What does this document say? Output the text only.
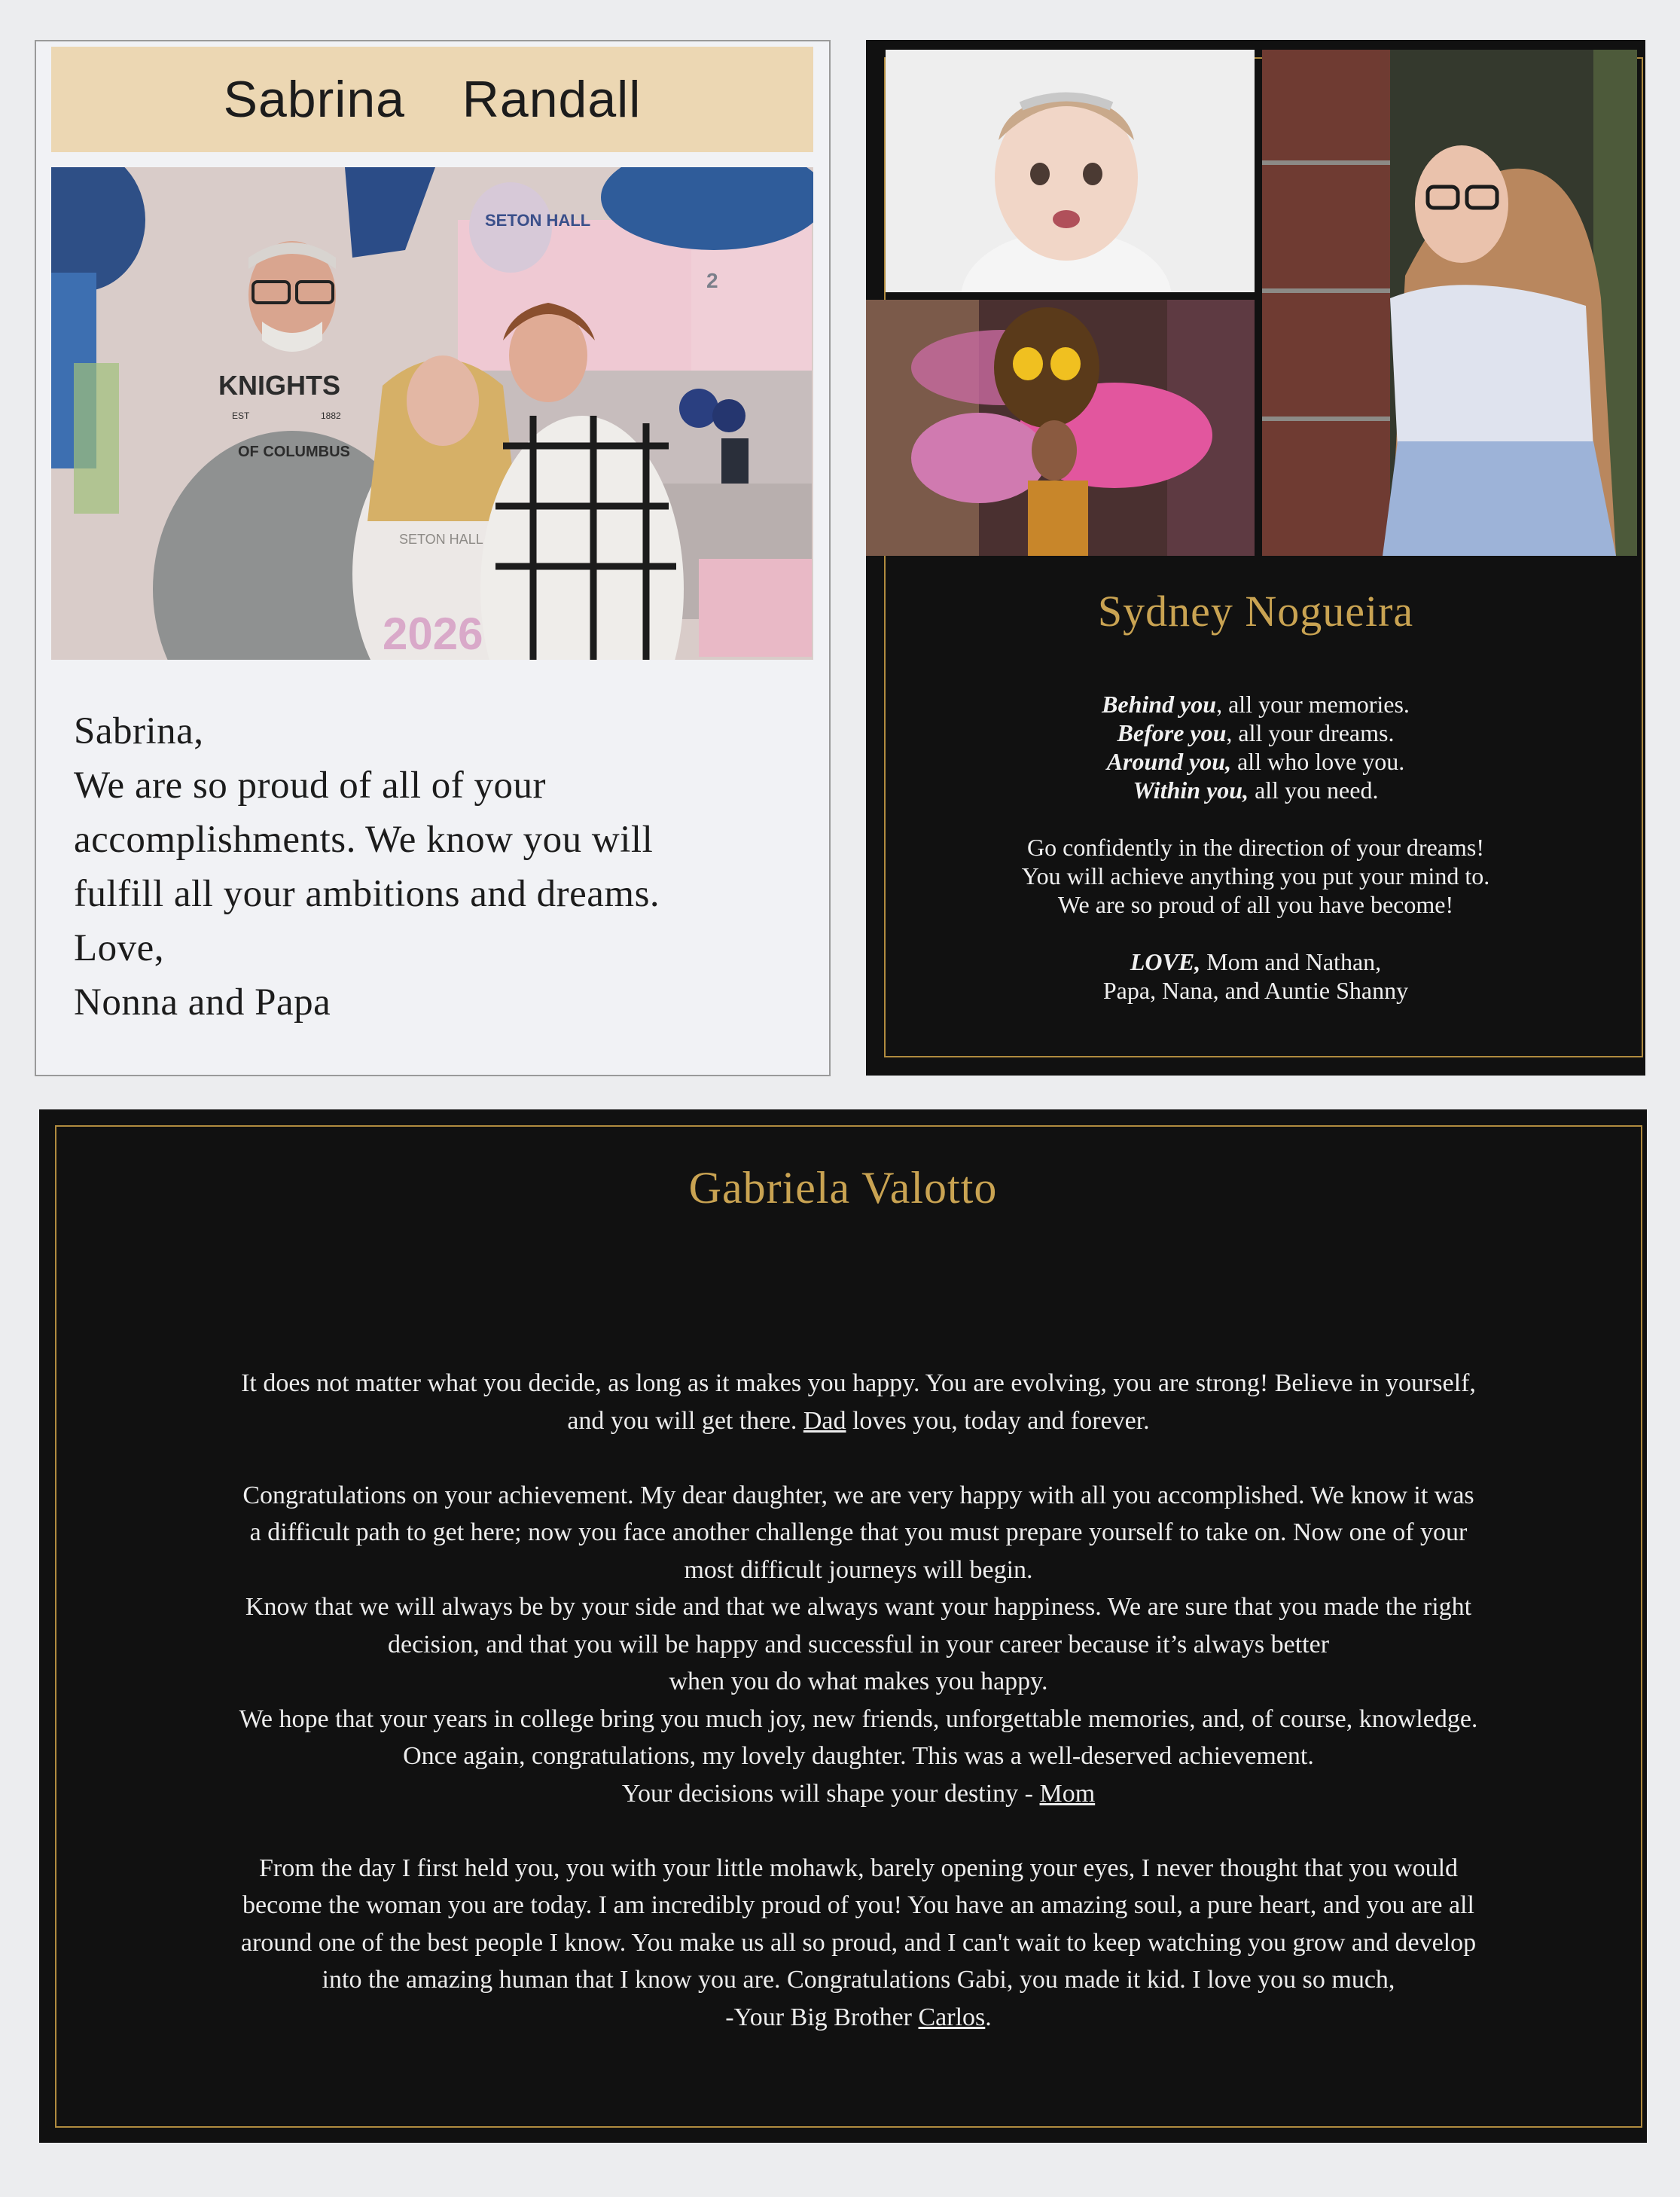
Sabrina  Randall
SETON HALL
2
KNIGHTS
EST	1882
OF COLUMBUS
SETON HALL
2026
Sabrina,
We are so proud of all of your
accomplishments. We know you will
fulfill all your ambitions and dreams.
Love,
Nonna and Papa
Sydney Nogueira
Behind you, all your memories.
Before you, all your dreams.
Around you, all who love you.
Within you, all you need.
Go confidently in the direction of your dreams!
You will achieve anything you put your mind to.
We are so proud of all you have become!
LOVE, Mom and Nathan,
Papa, Nana, and Auntie Shanny
Gabriela Valotto
It does not matter what you decide, as long as it makes you happy. You are evolving, you are strong! Believe in yourself,
and you will get there. Dad loves you, today and forever.
Congratulations on your achievement. My dear daughter, we are very happy with all you accomplished. We know it was
a difficult path to get here; now you face another challenge that you must prepare yourself to take on. Now one of your
most difficult journeys will begin.
Know that we will always be by your side and that we always want your happiness. We are sure that you made the right
decision, and that you will be happy and successful in your career because it’s always better
when you do what makes you happy.
We hope that your years in college bring you much joy, new friends, unforgettable memories, and, of course, knowledge.
Once again, congratulations, my lovely daughter. This was a well-deserved achievement.
Your decisions will shape your destiny - Mom
From the day I first held you, you with your little mohawk, barely opening your eyes, I never thought that you would
become the woman you are today. I am incredibly proud of you! You have an amazing soul, a pure heart, and you are all
around one of the best people I know. You make us all so proud, and I can't wait to keep watching you grow and develop
into the amazing human that I know you are. Congratulations Gabi, you made it kid. I love you so much,
-Your Big Brother Carlos.
